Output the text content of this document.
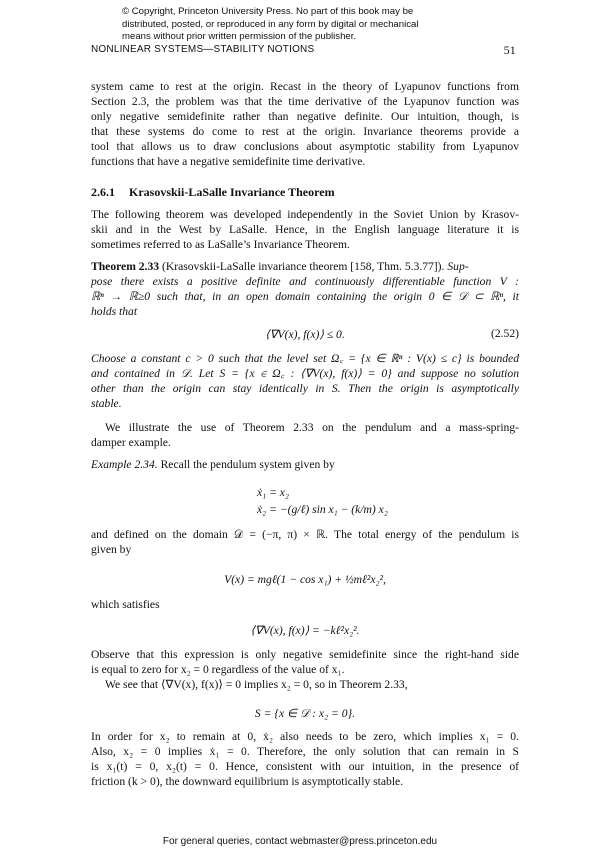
© Copyright, Princeton University Press. No part of this book may be
distributed, posted, or reproduced in any form by digital or mechanical
means without prior written permission of the publisher.
NONLINEAR SYSTEMS—STABILITY NOTIONS	51
system came to rest at the origin. Recast in the theory of Lyapunov functions from
Section 2.3, the problem was that the time derivative of the Lyapunov function was
only negative semidefinite rather than negative definite. Our intuition, though, is
that these systems do come to rest at the origin. Invariance theorems provide a
tool that allows us to draw conclusions about asymptotic stability from Lyapunov
functions that have a negative semidefinite time derivative.
2.6.1 Krasovskii-LaSalle Invariance Theorem
The following theorem was developed independently in the Soviet Union by Krasov-
skii and in the West by LaSalle. Hence, in the English language literature it is
sometimes referred to as LaSalle’s Invariance Theorem.
Theorem 2.33 (Krasovskii-LaSalle invariance theorem [158, Thm. 5.3.77]). Sup-
pose there exists a positive definite and continuously differentiable function V :
ℝⁿ → ℝ≥0 such that, in an open domain containing the origin 0 ∈ 𝒟 ⊂ ℝⁿ, it
holds that
⟨∇V(x), f(x)⟩ ≤ 0.	(2.52)
Choose a constant c > 0 such that the level set Ω꜀ = {x ∈ ℝⁿ : V(x) ≤ c} is bounded
and contained in 𝒟. Let S = {x ∈ Ω꜀ : ⟨∇V(x), f(x)⟩ = 0} and suppose no solution
other than the origin can stay identically in S. Then the origin is asymptotically
stable.
We illustrate the use of Theorem 2.33 on the pendulum and a mass-spring-
damper example.
Example 2.34. Recall the pendulum system given by
ẋ₁ = x₂
ẋ₂ = −(g/ℓ) sin x₁ − (k/m) x₂
and defined on the domain 𝒟 = (−π, π) × ℝ. The total energy of the pendulum is
given by
V(x) = mgℓ(1 − cos x₁) + ½mℓ²x₂²,
which satisfies
⟨∇V(x), f(x)⟩ = −kℓ²x₂².
Observe that this expression is only negative semidefinite since the right-hand side
is equal to zero for x₂ = 0 regardless of the value of x₁.
We see that ⟨∇V(x), f(x)⟩ = 0 implies x₂ = 0, so in Theorem 2.33,
S = {x ∈ 𝒟 : x₂ = 0}.
In order for x₂ to remain at 0, ẋ₂ also needs to be zero, which implies x₁ = 0.
Also, x₂ = 0 implies ẋ₁ = 0. Therefore, the only solution that can remain in S
is x₁(t) = 0, x₂(t) = 0. Hence, consistent with our intuition, in the presence of
friction (k > 0), the downward equilibrium is asymptotically stable.
For general queries, contact webmaster@press.princeton.edu
